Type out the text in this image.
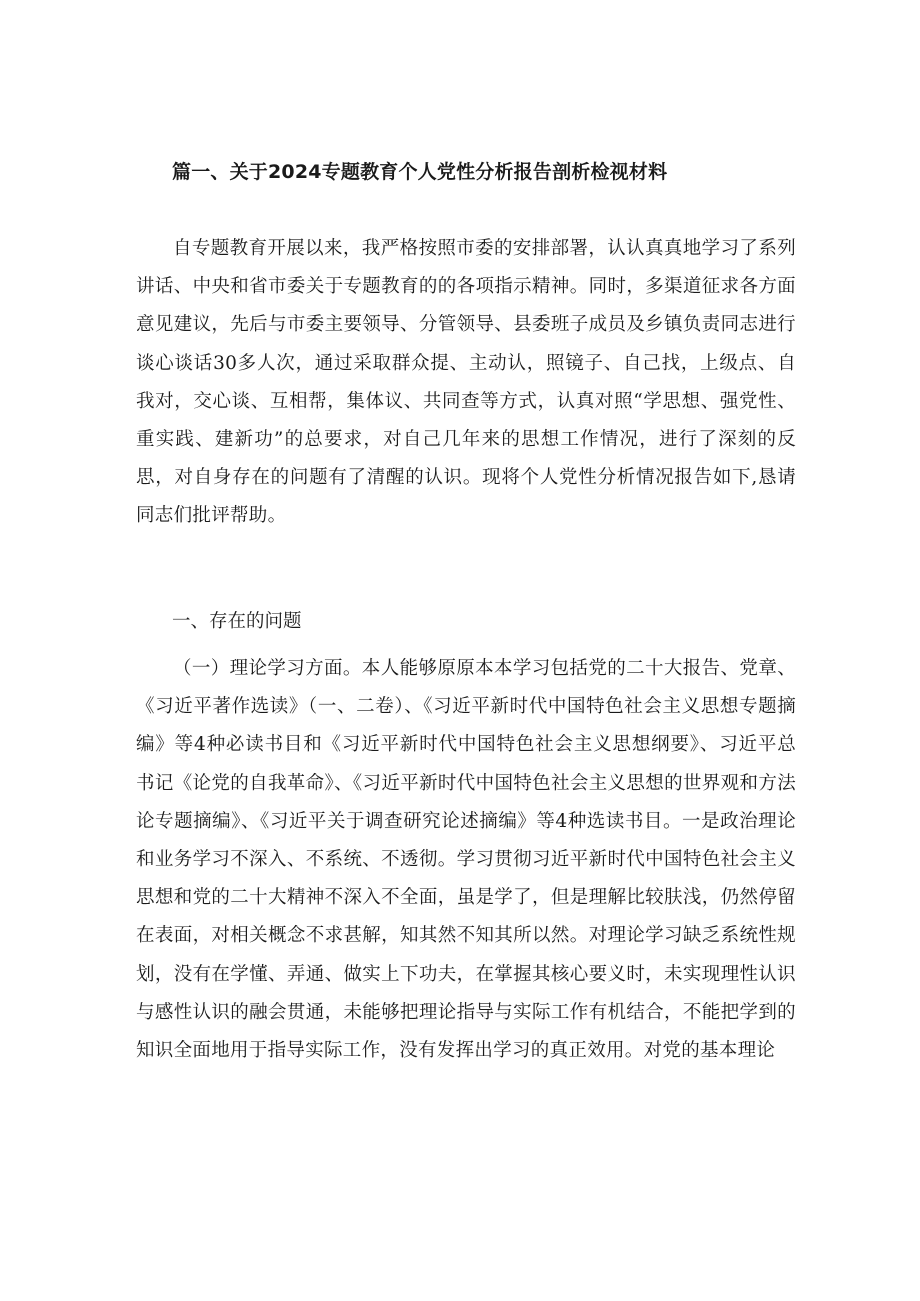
篇一、关于2024专题教育个人党性分析报告剖析检视材料

自专题教育开展以来，我严格按照市委的安排部署，认认真真地学习了系列讲话、中央和省市委关于专题教育的的各项指示精神。同时，多渠道征求各方面意见建议，先后与市委主要领导、分管领导、县委班子成员及乡镇负责同志进行谈心谈话30多人次，通过采取群众提、主动认，照镜子、自己找，上级点、自我对，交心谈、互相帮，集体议、共同查等方式，认真对照“学思想、强党性、重实践、建新功”的总要求，对自己几年来的思想工作情况，进行了深刻的反思，对自身存在的问题有了清醒的认识。现将个人党性分析情况报告如下,恳请同志们批评帮助。

一、存在的问题

（一）理论学习方面。本人能够原原本本学习包括党的二十大报告、党章、《习近平著作选读》（一、二卷）、《习近平新时代中国特色社会主义思想专题摘编》等4种必读书目和《习近平新时代中国特色社会主义思想纲要》、习近平总书记《论党的自我革命》、《习近平新时代中国特色社会主义思想的世界观和方法论专题摘编》、《习近平关于调查研究论述摘编》等4种选读书目。一是政治理论和业务学习不深入、不系统、不透彻。学习贯彻习近平新时代中国特色社会主义思想和党的二十大精神不深入不全面，虽是学了，但是理解比较肤浅，仍然停留在表面，对相关概念不求甚解，知其然不知其所以然。对理论学习缺乏系统性规划，没有在学懂、弄通、做实上下功夫，在掌握其核心要义时，未实现理性认识与感性认识的融会贯通，未能够把理论指导与实际工作有机结合，不能把学到的知识全面地用于指导实际工作，没有发挥出学习的真正效用。对党的基本理论
